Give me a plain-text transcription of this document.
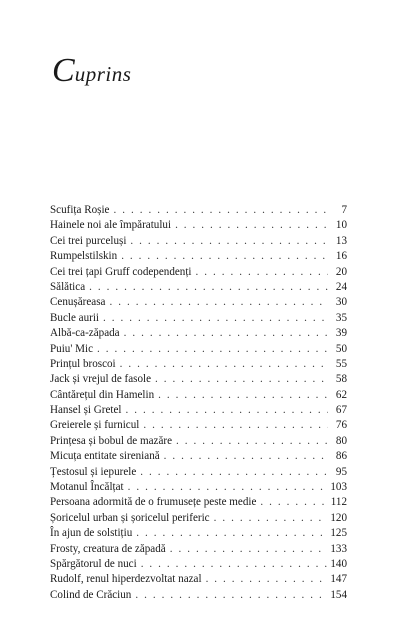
Cuprins
Scufița Roșie . . .	7
Hainele noi ale împăratului . . .	10
Cei trei purceluși . . .	13
Rumpelstilskin . . .	16
Cei trei țapi Gruff codependenți . . .	20
Sălătica . . .	24
Cenușăreasa . . .	30
Bucle aurii . . .	35
Albă-ca-zăpada . . .	39
Puiu' Mic . . .	50
Prințul broscoi . . .	55
Jack și vrejul de fasole . . .	58
Cântărețul din Hamelin . . .	62
Hansel și Gretel . . .	67
Greierele și furnicul . . .	76
Prințesa și bobul de mazăre . . .	80
Micuța entitate sireniană . . .	86
Țestosul și iepurele . . .	95
Motanul Încălțat . . .	103
Persoana adormită de o frumusețe peste medie . . .	112
Șoricelul urban și șoricelul periferic . . .	120
În ajun de solstițiu . . .	125
Frosty, creatura de zăpadă . . .	133
Spărgătorul de nuci . . .	140
Rudolf, renul hiperdezvoltat nazal . . .	147
Colind de Crăciun . . .	154
